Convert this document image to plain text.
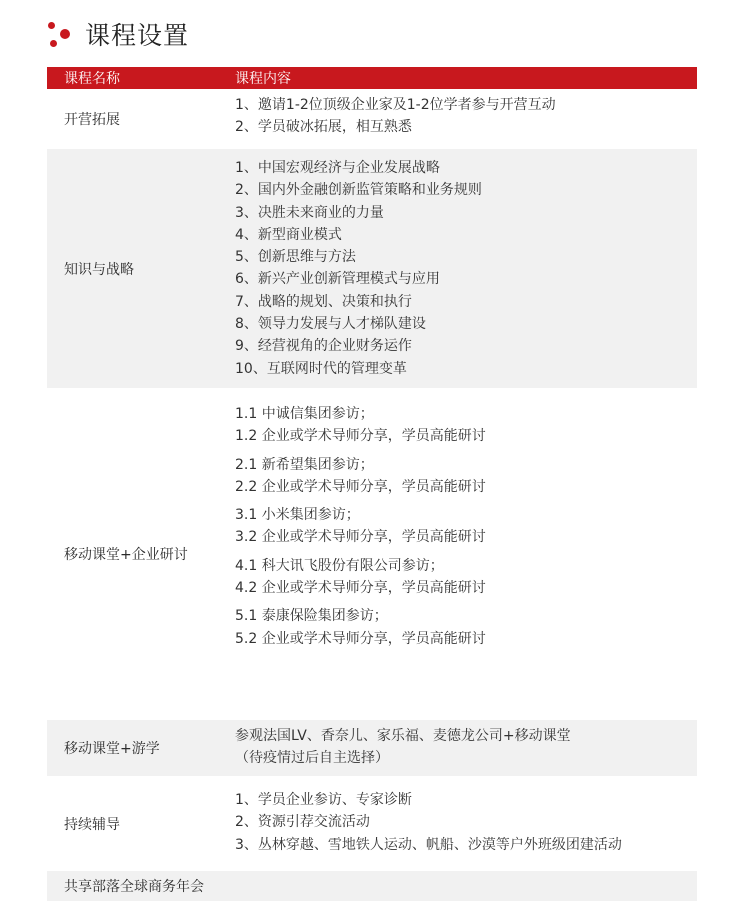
课程设置
课程名称	课程内容
开营拓展
1、邀请1-2位顶级企业家及1-2位学者参与开营互动
2、学员破冰拓展，相互熟悉
知识与战略
1、中国宏观经济与企业发展战略
2、国内外金融创新监管策略和业务规则
3、决胜未来商业的力量
4、新型商业模式
5、创新思维与方法
6、新兴产业创新管理模式与应用
7、战略的规划、决策和执行
8、领导力发展与人才梯队建设
9、经营视角的企业财务运作
10、互联网时代的管理变革
移动课堂+企业研讨
1.1 中诚信集团参访；
1.2 企业或学术导师分享，学员高能研讨
2.1 新希望集团参访；
2.2 企业或学术导师分享，学员高能研讨
3.1 小米集团参访；
3.2 企业或学术导师分享，学员高能研讨
4.1 科大讯飞股份有限公司参访；
4.2 企业或学术导师分享，学员高能研讨
5.1 泰康保险集团参访；
5.2 企业或学术导师分享，学员高能研讨
移动课堂+游学
参观法国LV、香奈儿、家乐福、麦德龙公司+移动课堂
（待疫情过后自主选择）
持续辅导
1、学员企业参访、专家诊断
2、资源引荐交流活动
3、丛林穿越、雪地铁人运动、帆船、沙漠等户外班级团建活动
共享部落全球商务年会
